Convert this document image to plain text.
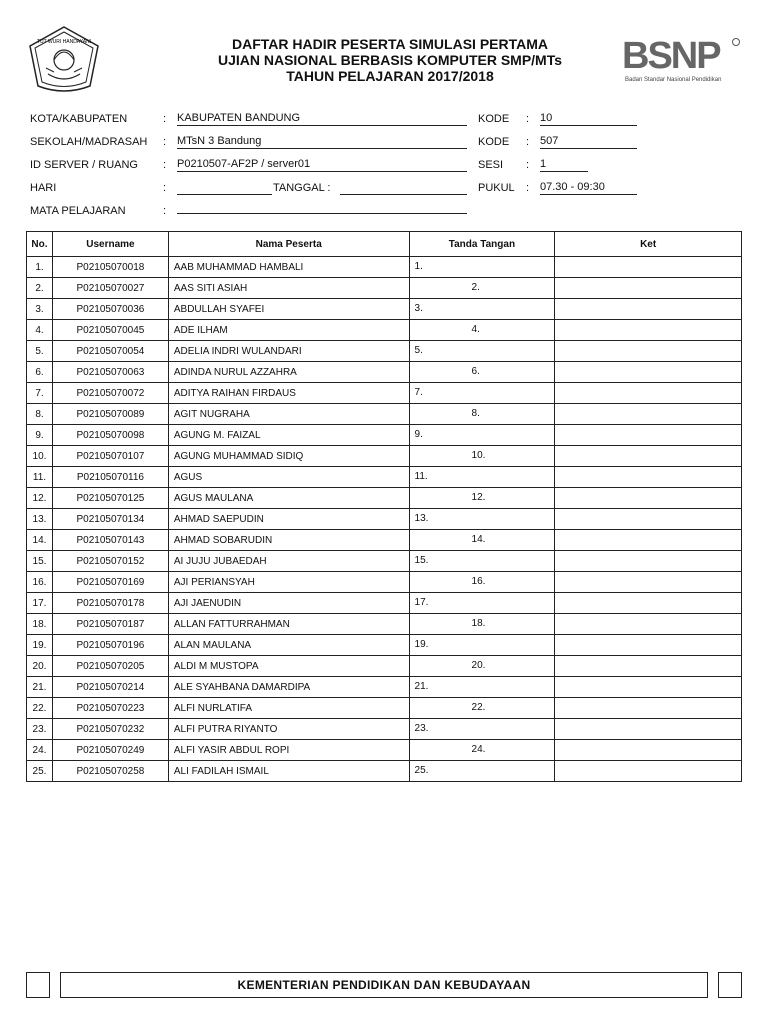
TUT WURI HANDAYANI	DAFTAR HADIR PESERTA SIMULASI PERTAMA
UJIAN NASIONAL BERBASIS KOMPUTER SMP/MTs
TAHUN PELAJARAN 2017/2018	BSNP
Badan Standar Nasional Pendidikan
KOTA/KABUPATEN	: KABUPATEN BANDUNG
SEKOLAH/MADRASAH : MTsN 3 Bandung
ID SERVER / RUANG : P0210507-AF2P / server01
HARI	:	TANGGAL :
MATA PELAJARAN	:
KODE : 10
KODE : 507
SESI : 1
PUKUL : 07.30 - 09:30
No.	Username	Nama Peserta	Tanda Tangan	Ket
1.	P02105070018	AAB MUHAMMAD HAMBALI	1.	

2.	P02105070027	AAS SITI ASIAH	2.	

3.	P02105070036	ABDULLAH SYAFEI	3.	

4.	P02105070045	ADE ILHAM	4.	

5.	P02105070054	ADELIA INDRI WULANDARI	5.	

6.	P02105070063	ADINDA NURUL AZZAHRA	6.	

7.	P02105070072	ADITYA RAIHAN FIRDAUS	7.	

8.	P02105070089	AGIT NUGRAHA	8.	

9.	P02105070098	AGUNG M. FAIZAL	9.	

10.	P02105070107	AGUNG MUHAMMAD SIDIQ	10.	

11.	P02105070116	AGUS	11.	

12.	P02105070125	AGUS MAULANA	12.	

13.	P02105070134	AHMAD SAEPUDIN	13.	

14.	P02105070143	AHMAD SOBARUDIN	14.	

15.	P02105070152	AI JUJU JUBAEDAH	15.	

16.	P02105070169	AJI PERIANSYAH	16.	

17.	P02105070178	AJI JAENUDIN	17.	

18.	P02105070187	ALLAN FATTURRAHMAN	18.	

19.	P02105070196	ALAN MAULANA	19.	

20.	P02105070205	ALDI M MUSTOPA	20.	

21.	P02105070214	ALE SYAHBANA DAMARDIPA	21.	

22.	P02105070223	ALFI NURLATIFA	22.	

23.	P02105070232	ALFI PUTRA RIYANTO	23.	

24.	P02105070249	ALFI YASIR ABDUL ROPI	24.	

25.	P02105070258	ALI FADILAH ISMAIL	25.	

KEMENTERIAN PENDIDIKAN DAN KEBUDAYAAN
